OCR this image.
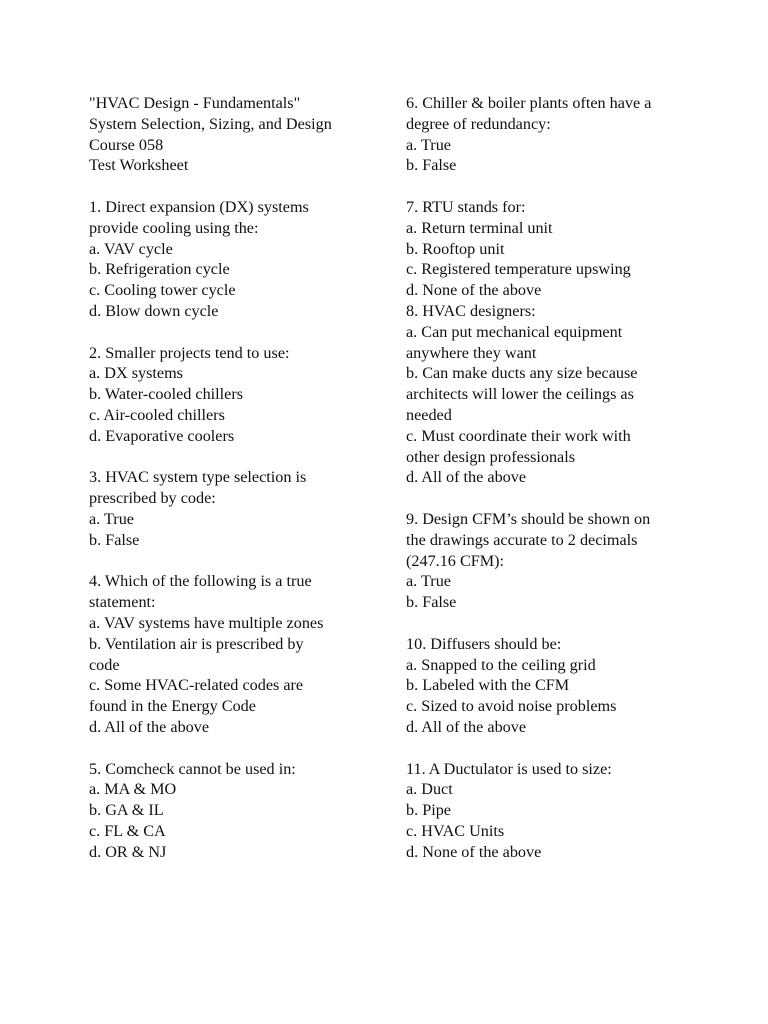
"HVAC Design - Fundamentals"
System Selection, Sizing, and Design
Course 058
Test Worksheet
1. Direct expansion (DX) systems
provide cooling using the:
a. VAV cycle
b. Refrigeration cycle
c. Cooling tower cycle
d. Blow down cycle
2. Smaller projects tend to use:
a. DX systems
b. Water-cooled chillers
c. Air-cooled chillers
d. Evaporative coolers
3. HVAC system type selection is
prescribed by code:
a. True
b. False
4. Which of the following is a true
statement:
a. VAV systems have multiple zones
b. Ventilation air is prescribed by
code
c. Some HVAC-related codes are
found in the Energy Code
d. All of the above
5. Comcheck cannot be used in:
a. MA & MO
b. GA & IL
c. FL & CA
d. OR & NJ
6. Chiller & boiler plants often have a
degree of redundancy:
a. True
b. False
7. RTU stands for:
a. Return terminal unit
b. Rooftop unit
c. Registered temperature upswing
d. None of the above
8. HVAC designers:
a. Can put mechanical equipment
anywhere they want
b. Can make ducts any size because
architects will lower the ceilings as
needed
c. Must coordinate their work with
other design professionals
d. All of the above
9. Design CFM’s should be shown on
the drawings accurate to 2 decimals
(247.16 CFM):
a. True
b. False
10. Diffusers should be:
a. Snapped to the ceiling grid
b. Labeled with the CFM
c. Sized to avoid noise problems
d. All of the above
11. A Ductulator is used to size:
a. Duct
b. Pipe
c. HVAC Units
d. None of the above
